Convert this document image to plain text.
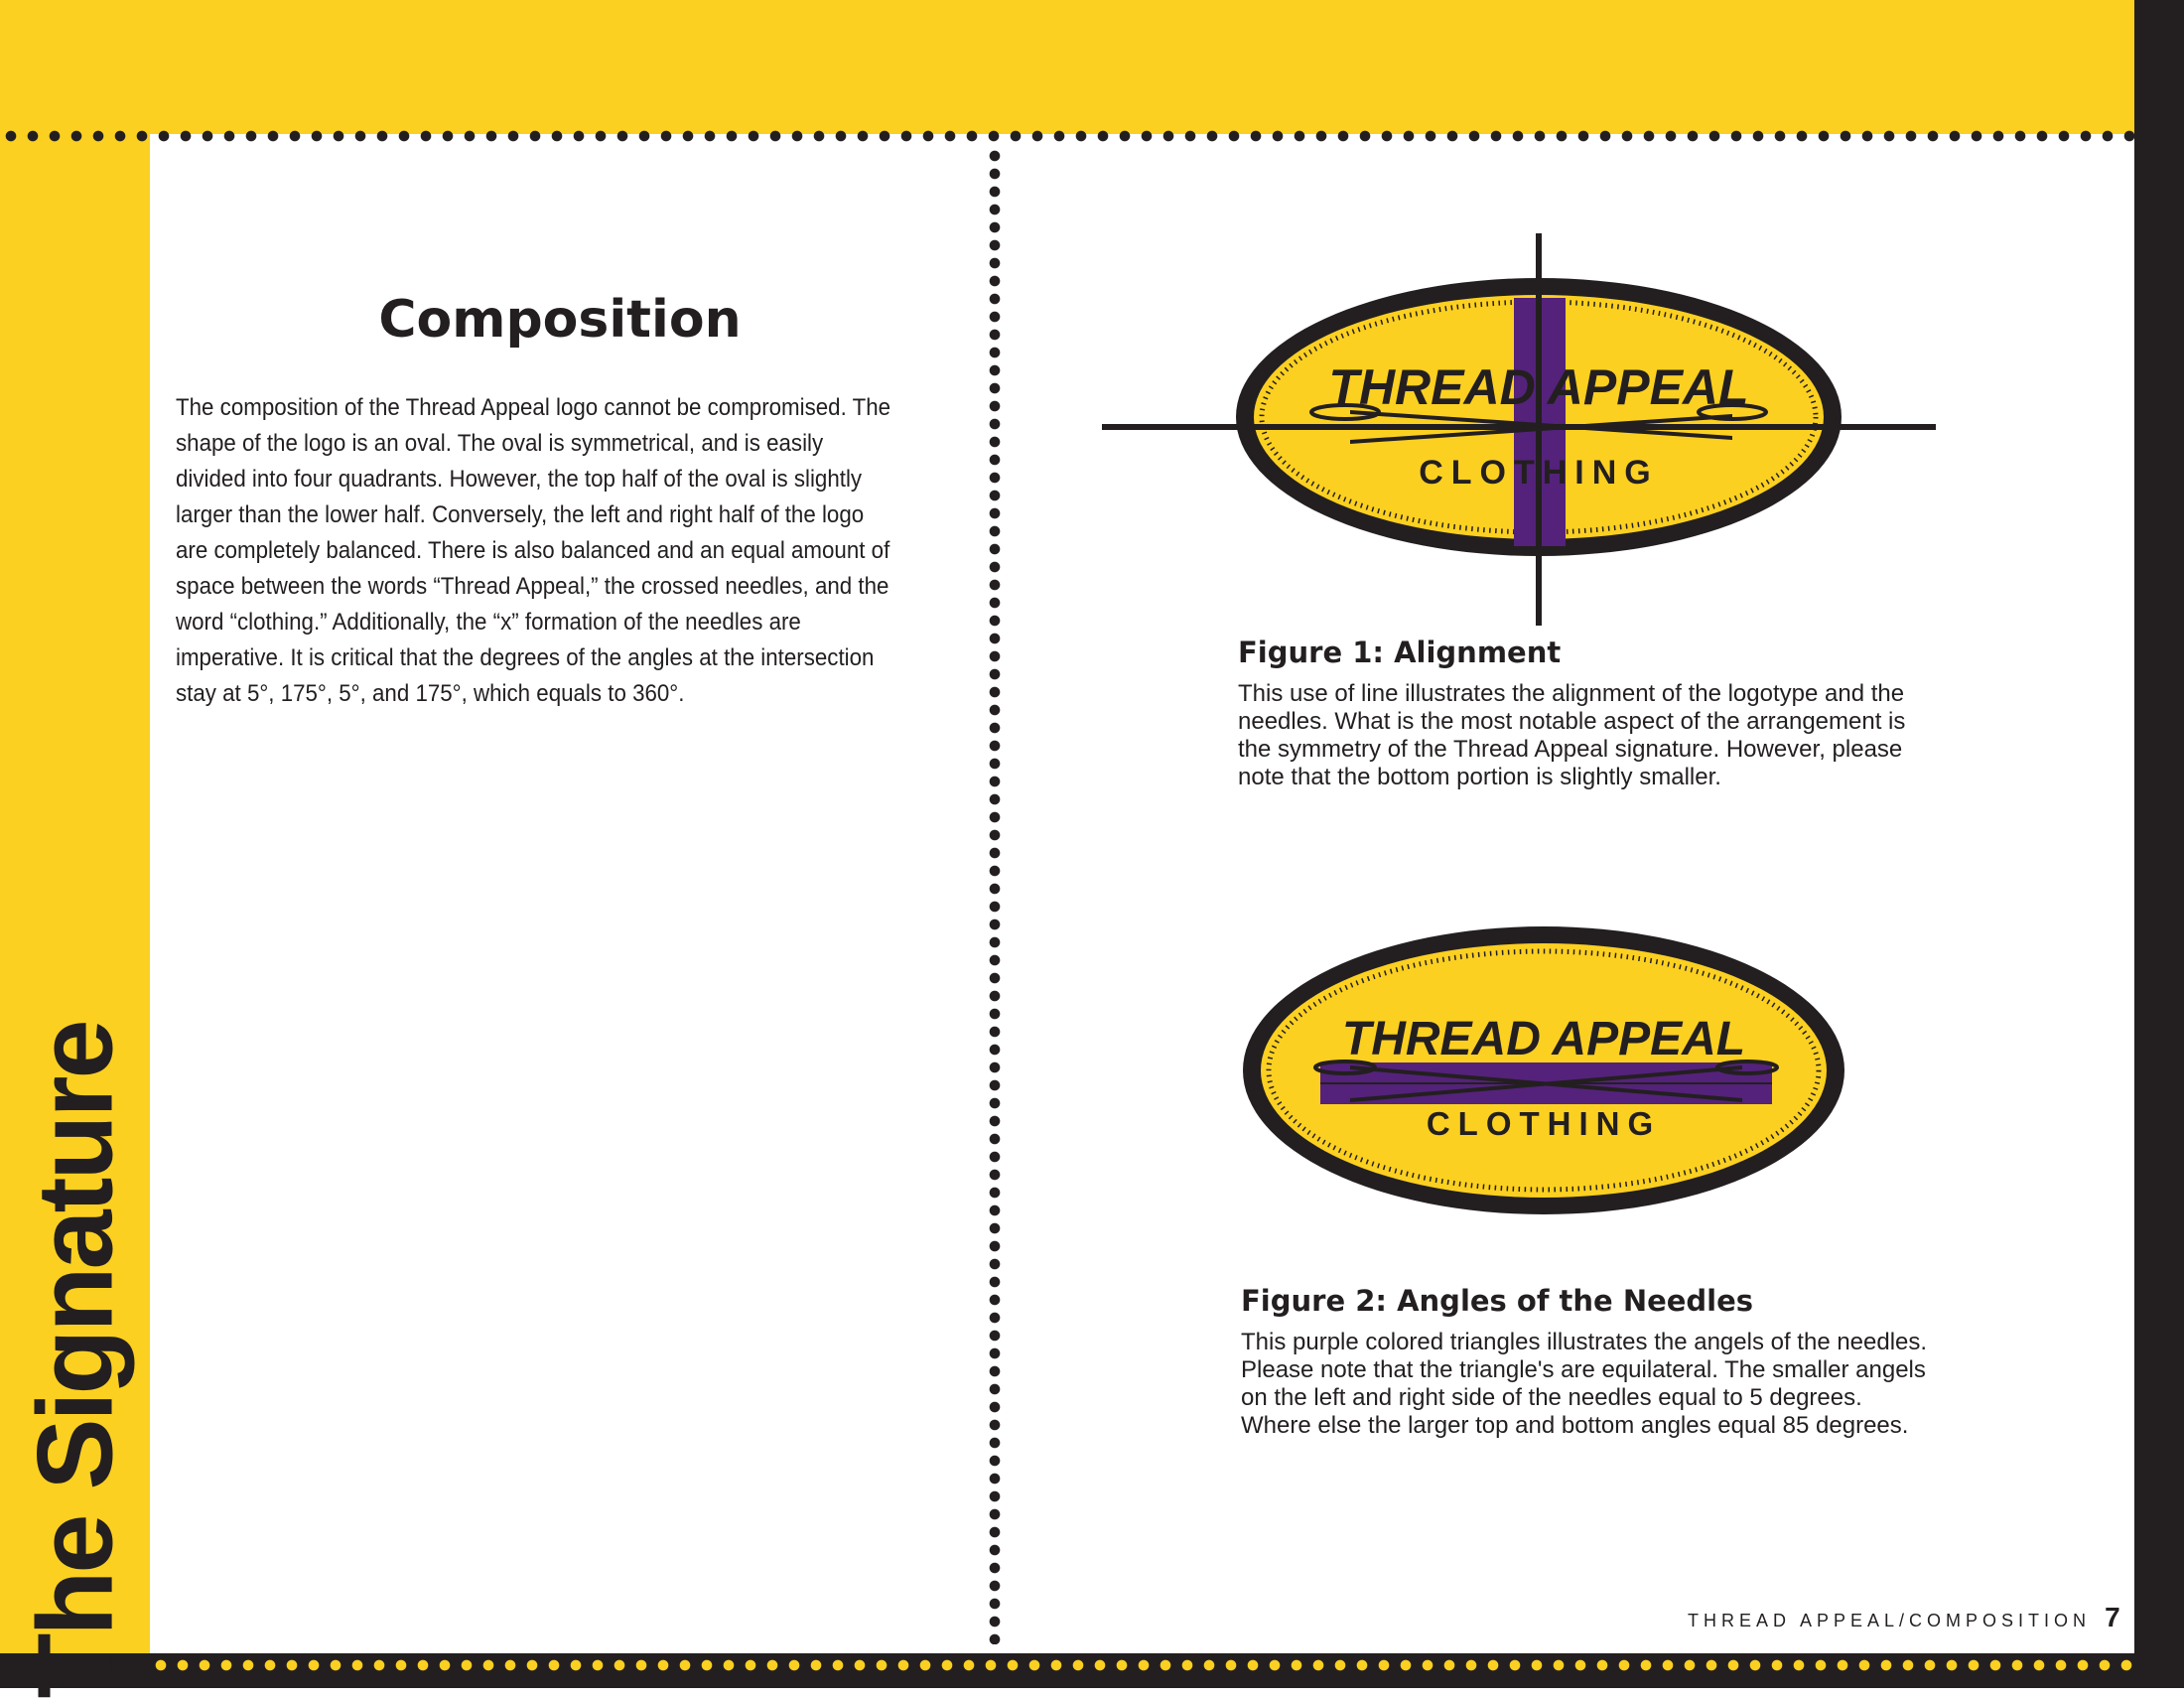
The Signature
Composition
The composition of the Thread Appeal logo cannot be compromised. The shape of the logo is an oval. The oval is symmetrical, and is easily divided into four quadrants. However, the top half of the oval is slightly larger than the lower half. Conversely, the left and right half of the logo are completely balanced. There is also balanced and an equal amount of space between the words “Thread Appeal,” the crossed needles, and the word “clothing.” Additionally, the “x” formation of the needles are imperative. It is critical that the degrees of the angles at the intersection stay at 5°, 175°, 5°, and 175°, which equals to 360°.
THREAD APPEAL
CLOTHING
Figure 1: Alignment
This use of line illustrates the alignment of the logotype and the needles. What is the most notable aspect of the arrangement is the symmetry of the Thread Appeal signature. However, please note that the bottom portion is slightly smaller.
THREAD APPEAL
CLOTHING
Figure 2: Angles of the Needles
This purple colored triangles illustrates the angels of the needles. Please note that the triangle's are equilateral. The smaller angels on the left and right side of the needles equal to 5 degrees. Where else the larger top and bottom angles equal 85 degrees.
THREAD APPEAL/COMPOSITION 7
